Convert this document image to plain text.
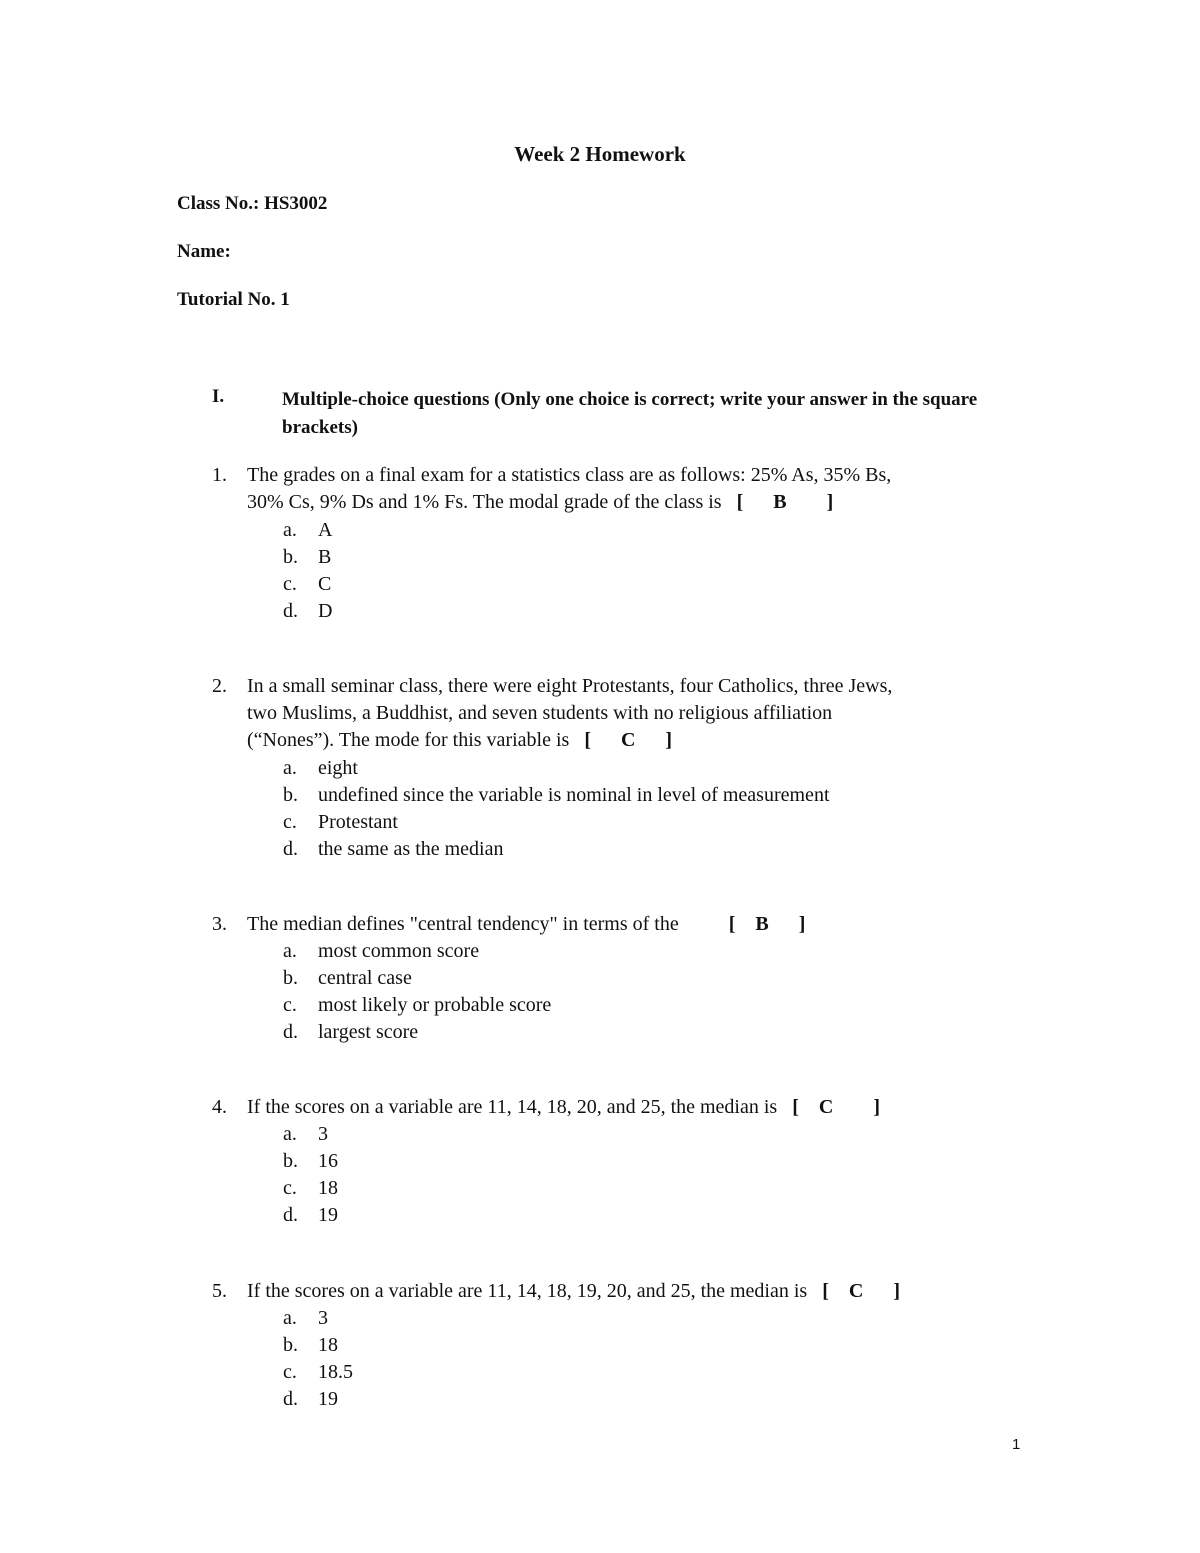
Week 2 Homework
Class No.: HS3002
Name:
Tutorial No. 1
I.	Multiple-choice questions (Only one choice is correct; write your answer in the square brackets)
1. The grades on a final exam for a statistics class are as follows: 25% As, 35% Bs,
30% Cs, 9% Ds and 1% Fs. The modal grade of the class is [      B        ]
a. A
b. B
c. C
d. D
2. In a small seminar class, there were eight Protestants, four Catholics, three Jews,
two Muslims, a Buddhist, and seven students with no religious affiliation
(“Nones”). The mode for this variable is [      C      ]
a. eight
b. undefined since the variable is nominal in level of measurement
c. Protestant
d. the same as the median
3. The median defines "central tendency" in terms of the	[    B      ]
a. most common score
b. central case
c. most likely or probable score
d. largest score
4. If the scores on a variable are 11, 14, 18, 20, and 25, the median is [    C        ]
a. 3
b. 16
c. 18
d. 19
5. If the scores on a variable are 11, 14, 18, 19, 20, and 25, the median is [    C      ]
a. 3
b. 18
c. 18.5
d. 19
1
